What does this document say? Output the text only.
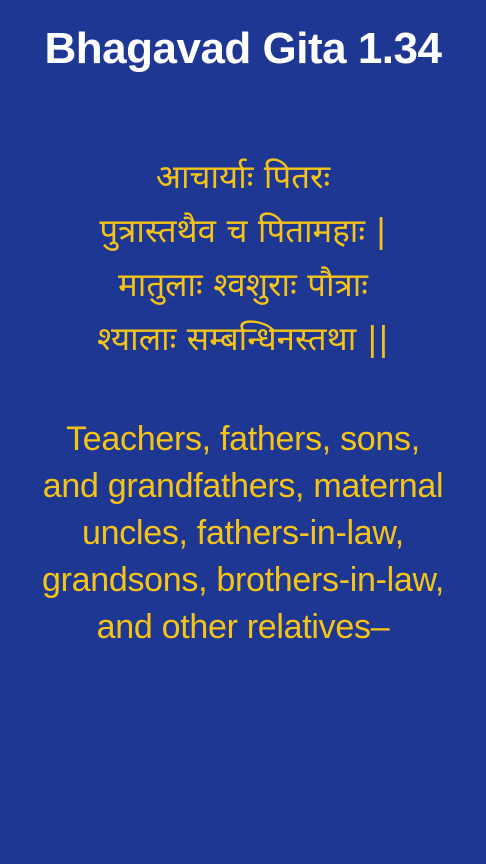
Bhagavad Gita 1.34
आचार्याः पितरः
पुत्रास्तथैव च पितामहाः |
मातुलाः श्वशुराः पौत्राः
श्यालाः सम्बन्धिनस्तथा ||
Teachers, fathers, sons,
and grandfathers, maternal
uncles, fathers-in-law,
grandsons, brothers-in-law,
and other relatives–
